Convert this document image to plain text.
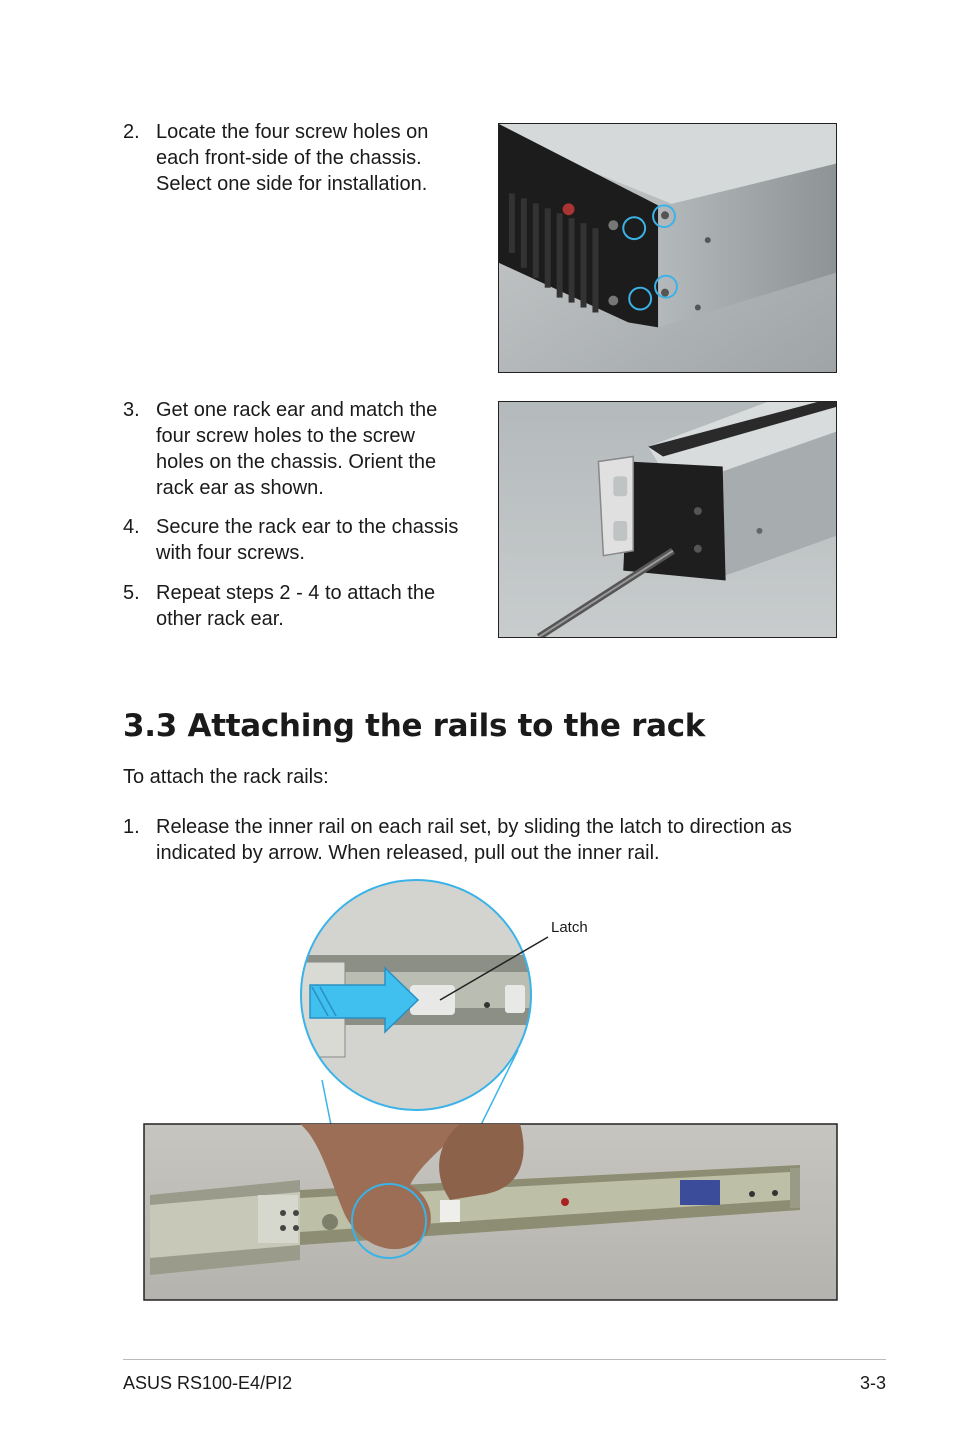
2. Locate the four screw holes on
each front-side of the chassis.
Select one side for installation.
3. Get one rack ear and match the
four screw holes to the screw
holes on the chassis. Orient the
rack ear as shown.
4. Secure the rack ear to the chassis
with four screws.
5. Repeat steps 2 - 4 to attach the
other rack ear.
3.3 Attaching the rails to the rack
To attach the rack rails:
1. Release the inner rail on each rail set, by sliding the latch to direction as
indicated by arrow. When released, pull out the inner rail.
Latch
ASUS RS100-E4/PI2	3-3
